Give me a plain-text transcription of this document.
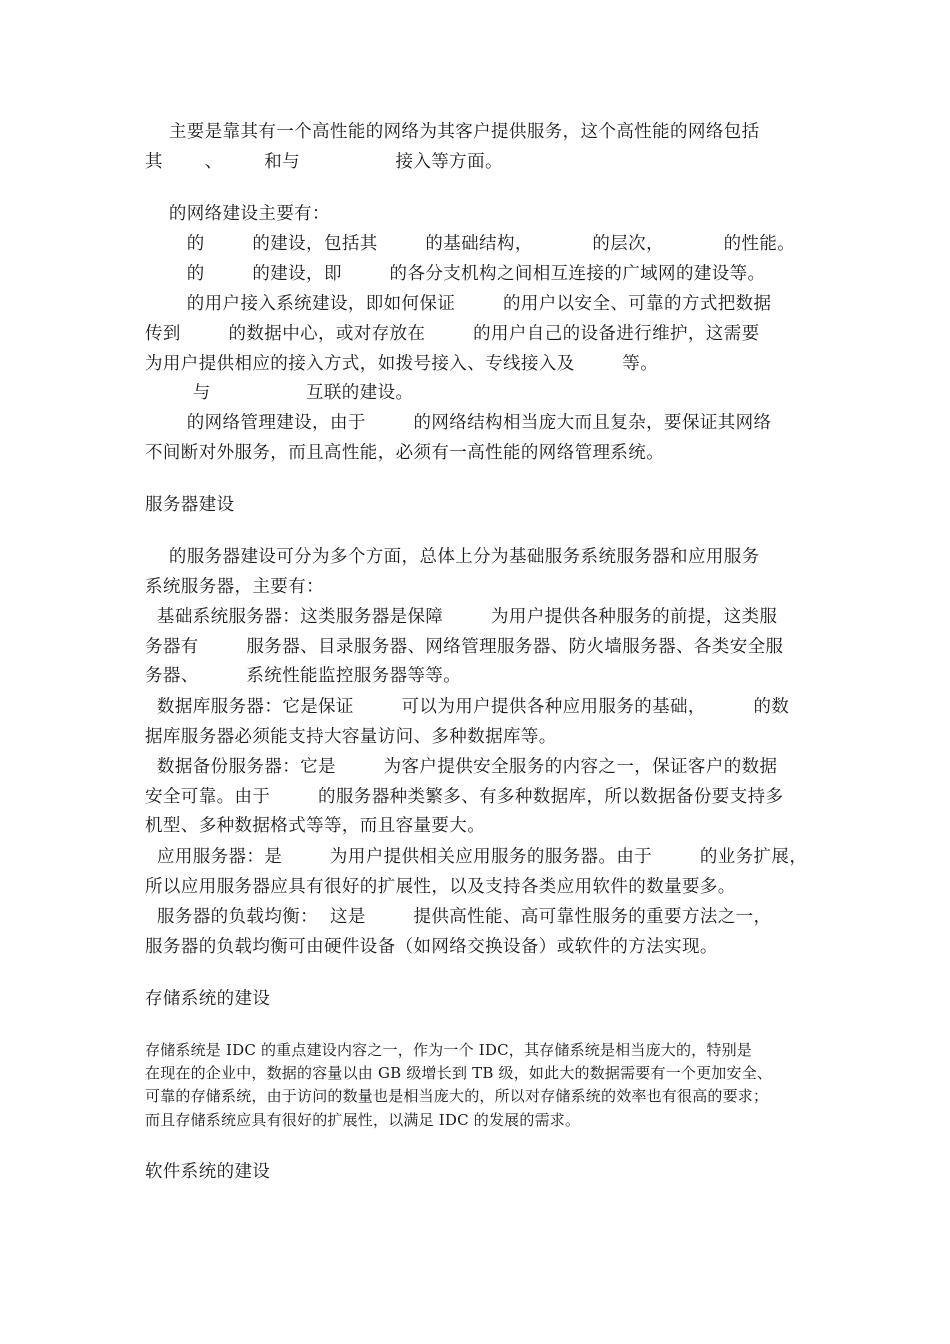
主要是靠其有一个高性能的网络为其客户提供服务，这个高性能的网络包括
其       、       和与                接入等方面。
的网络建设主要有：
的        的建设，包括其        的基础结构，          的层次，          的性能。
的        的建设，即        的各分支机构之间相互连接的广域网的建设等。
的用户接入系统建设，即如何保证        的用户以安全、可靠的方式把数据
传到        的数据中心，或对存放在        的用户自己的设备进行维护，这需要
为用户提供相应的接入方式，如拨号接入、专线接入及        等。
与                互联的建设。
的网络管理建设，由于        的网络结构相当庞大而且复杂，要保证其网络
不间断对外服务，而且高性能，必须有一高性能的网络管理系统。
服务器建设
的服务器建设可分为多个方面，总体上分为基础服务系统服务器和应用服务
系统服务器，主要有：
基础系统服务器：这类服务器是保障        为用户提供各种服务的前提，这类服
务器有        服务器、目录服务器、网络管理服务器、防火墙服务器、各类安全服
务器、        系统性能监控服务器等等。
数据库服务器：它是保证        可以为用户提供各种应用服务的基础，        的数
据库服务器必须能支持大容量访问、多种数据库等。
数据备份服务器：它是        为客户提供安全服务的内容之一，保证客户的数据
安全可靠。由于        的服务器种类繁多、有多种数据库，所以数据备份要支持多
机型、多种数据格式等等，而且容量要大。
应用服务器：是        为用户提供相关应用服务的服务器。由于        的业务扩展，
所以应用服务器应具有很好的扩展性，以及支持各类应用软件的数量要多。
服务器的负载均衡：  这是        提供高性能、高可靠性服务的重要方法之一，
服务器的负载均衡可由硬件设备（如网络交换设备）或软件的方法实现。
存储系统的建设
存储系统是 IDC 的重点建设内容之一，作为一个 IDC，其存储系统是相当庞大的，特别是
在现在的企业中，数据的容量以由 GB 级增长到 TB 级，如此大的数据需要有一个更加安全、
可靠的存储系统，由于访问的数量也是相当庞大的，所以对存储系统的效率也有很高的要求；
而且存储系统应具有很好的扩展性，以满足 IDC 的发展的需求。
软件系统的建设
